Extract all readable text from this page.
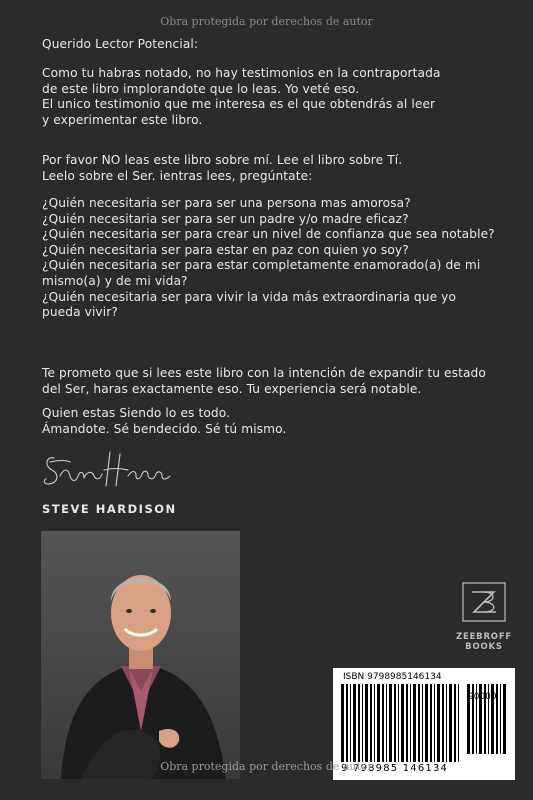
Obra protegida por derechos de autor

Querido Lector Potencial:

Como tu habras notado, no hay testimonios en la contraportada
de este libro implorandote que lo leas. Yo veté eso.
El unico testimonio que me interesa es el que obtendrás al leer
y experimentar este libro.

Por favor NO leas este libro sobre mí. Lee el libro sobre Tí.
Leelo sobre el Ser. ientras lees, pregúntate:

¿Quién necesitaria ser para ser una persona mas amorosa?
¿Quién necesitaria ser para ser un padre y/o madre eficaz?
¿Quién necesitaria ser para crear un nivel de confianza que sea notable?
¿Quién necesitaria ser para estar en paz con quien yo soy?
¿Quién necesitaria ser para estar completamente enamorado(a) de mi
mismo(a) y de mi vida?
¿Quién necesitaria ser para vivir la vida más extraordinaria que yo
pueda vivir?

Te prometo que si lees este libro con la intención de expandir tu estado
del Ser, haras exactamente eso. Tu experiencia será notable.

Quien estas Siendo lo es todo.
Ámandote. Sé bendecido. Sé tú mismo.

STEVE HARDISON
ZEEBROFF
BOOKS
ISBN 9798985146134
90000
9 798985 146134
Obra protegida por derechos de autor
